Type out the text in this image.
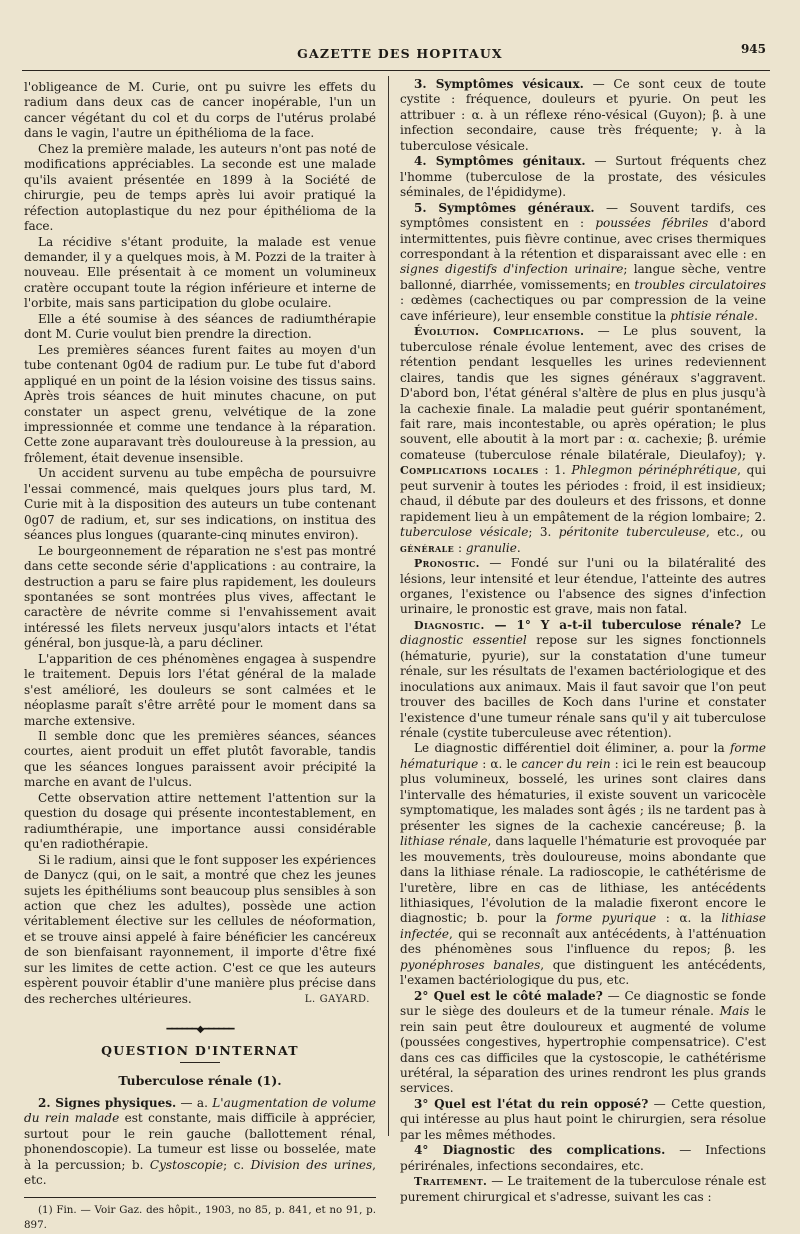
GAZETTE DES HOPITAUX	945

l'obligeance de M. Curie, ont pu suivre les effets du radium dans deux cas de cancer inopérable, l'un un cancer végétant du col et du corps de l'utérus prolabé dans le vagin, l'autre un épithélioma de la face.

Chez la première malade, les auteurs n'ont pas noté de modifications appréciables. La seconde est une malade qu'ils avaient présentée en 1899 à la Société de chirurgie, peu de temps après lui avoir pratiqué la réfection autoplastique du nez pour épithélioma de la face.

La récidive s'étant produite, la malade est venue demander, il y a quelques mois, à M. Pozzi de la traiter à nouveau. Elle présentait à ce moment un volumineux cratère occupant toute la région inférieure et interne de l'orbite, mais sans participation du globe oculaire.

Elle a été soumise à des séances de radiumthérapie dont M. Curie voulut bien prendre la direction.

Les premières séances furent faites au moyen d'un tube contenant 0g04 de radium pur. Le tube fut d'abord appliqué en un point de la lésion voisine des tissus sains. Après trois séances de huit minutes chacune, on put constater un aspect grenu, velvétique de la zone impressionnée et comme une tendance à la réparation. Cette zone auparavant très douloureuse à la pression, au frôlement, était devenue insensible.

Un accident survenu au tube empêcha de poursuivre l'essai commencé, mais quelques jours plus tard, M. Curie mit à la disposition des auteurs un tube contenant 0g07 de radium, et, sur ses indications, on institua des séances plus longues (quarante-cinq minutes environ).

Le bourgeonnement de réparation ne s'est pas montré dans cette seconde série d'applications : au contraire, la destruction a paru se faire plus rapidement, les douleurs spontanées se sont montrées plus vives, affectant le caractère de névrite comme si l'envahissement avait intéressé les filets nerveux jusqu'alors intacts et l'état général, bon jusque-là, a paru décliner.

L'apparition de ces phénomènes engagea à suspendre le traitement. Depuis lors l'état général de la malade s'est amélioré, les douleurs se sont calmées et le néoplasme paraît s'être arrêté pour le moment dans sa marche extensive.

Il semble donc que les premières séances, séances courtes, aient produit un effet plutôt favorable, tandis que les séances longues paraissent avoir précipité la marche en avant de l'ulcus.

Cette observation attire nettement l'attention sur la question du dosage qui présente incontestablement, en radiumthérapie, une importance aussi considérable qu'en radiothérapie.

Si le radium, ainsi que le font supposer les expériences de Danycz (qui, on le sait, a montré que chez les jeunes sujets les épithéliums sont beaucoup plus sensibles à son action que chez les adultes), possède une action véritablement élective sur les cellules de néoformation, et se trouve ainsi appelé à faire bénéficier les cancéreux de son bienfaisant rayonnement, il importe d'être fixé sur les limites de cette action. C'est ce que les auteurs espèrent pouvoir établir d'une manière plus précise dans des recherches ultérieures.	L. GAYARD.
━━━━━━◆━━━━━━
QUESTION D'INTERNAT
Tuberculose rénale (1).

2. Signes physiques. — a. L'augmentation de volume du rein malade est constante, mais difficile à apprécier, surtout pour le rein gauche (ballottement rénal, phonendoscopie). La tumeur est lisse ou bosselée, mate à la percussion; b. Cystoscopie; c. Division des urines, etc.

(1) Fin. — Voir Gaz. des hôpit., 1903, no 85, p. 841, et no 91, p. 897.

3. Symptômes vésicaux. — Ce sont ceux de toute cystite : fréquence, douleurs et pyurie. On peut les attribuer : α. à un réflexe réno-vésical (Guyon); β. à une infection secondaire, cause très fréquente; γ. à la tuberculose vésicale.

4. Symptômes génitaux. — Surtout fréquents chez l'homme (tuberculose de la prostate, des vésicules séminales, de l'épididyme).

5. Symptômes généraux. — Souvent tardifs, ces symptômes consistent en : poussées fébriles d'abord intermittentes, puis fièvre continue, avec crises thermiques correspondant à la rétention et disparaissant avec elle : en signes digestifs d'infection urinaire; langue sèche, ventre ballonné, diarrhée, vomissements; en troubles circulatoires : œdèmes (cachectiques ou par compression de la veine cave inférieure), leur ensemble constitue la phtisie rénale.

Évolution. Complications. — Le plus souvent, la tuberculose rénale évolue lentement, avec des crises de rétention pendant lesquelles les urines redeviennent claires, tandis que les signes généraux s'aggravent. D'abord bon, l'état général s'altère de plus en plus jusqu'à la cachexie finale. La maladie peut guérir spontanément, fait rare, mais incontestable, ou après opération; le plus souvent, elle aboutit à la mort par : α. cachexie; β. urémie comateuse (tuberculose rénale bilatérale, Dieulafoy); γ. Complications locales : 1. Phlegmon périnéphrétique, qui peut survenir à toutes les périodes : froid, il est insidieux; chaud, il débute par des douleurs et des frissons, et donne rapidement lieu à un empâtement de la région lombaire; 2. tuberculose vésicale; 3. péritonite tuberculeuse, etc., ou générale : granulie.

Pronostic. — Fondé sur l'uni ou la bilatéralité des lésions, leur intensité et leur étendue, l'atteinte des autres organes, l'existence ou l'absence des signes d'infection urinaire, le pronostic est grave, mais non fatal.

Diagnostic. — 1° Y a-t-il tuberculose rénale? Le diagnostic essentiel repose sur les signes fonctionnels (hématurie, pyurie), sur la constatation d'une tumeur rénale, sur les résultats de l'examen bactériologique et des inoculations aux animaux. Mais il faut savoir que l'on peut trouver des bacilles de Koch dans l'urine et constater l'existence d'une tumeur rénale sans qu'il y ait tuberculose rénale (cystite tuberculeuse avec rétention).

Le diagnostic différentiel doit éliminer, a. pour la forme hématurique : α. le cancer du rein : ici le rein est beaucoup plus volumineux, bosselé, les urines sont claires dans l'intervalle des hématuries, il existe souvent un varicocèle symptomatique, les malades sont âgés ; ils ne tardent pas à présenter les signes de la cachexie cancéreuse; β. la lithiase rénale, dans laquelle l'hématurie est provoquée par les mouvements, très douloureuse, moins abondante que dans la lithiase rénale. La radioscopie, le cathétérisme de l'uretère, libre en cas de lithiase, les antécédents lithiasiques, l'évolution de la maladie fixeront encore le diagnostic; b. pour la forme pyurique : α. la lithiase infectée, qui se reconnaît aux antécédents, à l'atténuation des phénomènes sous l'influence du repos; β. les pyonéphroses banales, que distinguent les antécédents, l'examen bactériologique du pus, etc.

2° Quel est le côté malade? — Ce diagnostic se fonde sur le siège des douleurs et de la tumeur rénale. Mais le rein sain peut être douloureux et augmenté de volume (poussées congestives, hypertrophie compensatrice). C'est dans ces cas difficiles que la cystoscopie, le cathétérisme urétéral, la séparation des urines rendront les plus grands services.

3° Quel est l'état du rein opposé? — Cette question, qui intéresse au plus haut point le chirurgien, sera résolue par les mêmes méthodes.

4° Diagnostic des complications. — Infections périrénales, infections secondaires, etc.

Traitement. — Le traitement de la tuberculose rénale est purement chirurgical et s'adresse, suivant les cas :
